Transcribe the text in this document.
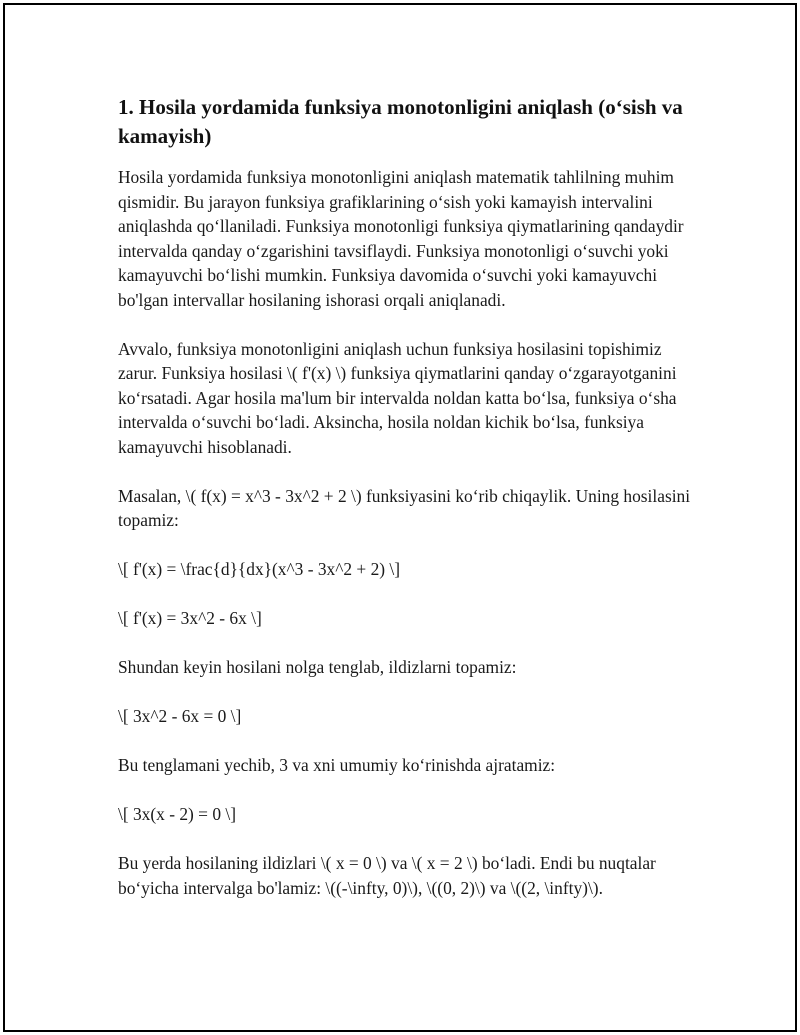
1. Hosila yordamida funksiya monotonligini aniqlash (o‘sish va kamayish)

Hosila yordamida funksiya monotonligini aniqlash matematik tahlilning muhim qismidir. Bu jarayon funksiya grafiklarining o‘sish yoki kamayish intervalini aniqlashda qo‘llaniladi. Funksiya monotonligi funksiya qiymatlarining qandaydir intervalda qanday o‘zgarishini tavsiflaydi. Funksiya monotonligi o‘suvchi yoki kamayuvchi bo‘lishi mumkin. Funksiya davomida o‘suvchi yoki kamayuvchi bo'lgan intervallar hosilaning ishorasi orqali aniqlanadi.

Avvalo, funksiya monotonligini aniqlash uchun funksiya hosilasini topishimiz zarur. Funksiya hosilasi \( f'(x) \) funksiya qiymatlarini qanday o‘zgarayotganini ko‘rsatadi. Agar hosila ma'lum bir intervalda noldan katta bo‘lsa, funksiya o‘sha intervalda o‘suvchi bo‘ladi. Aksincha, hosila noldan kichik bo‘lsa, funksiya kamayuvchi hisoblanadi.

Masalan, \( f(x) = x^3 - 3x^2 + 2 \) funksiyasini ko‘rib chiqaylik. Uning hosilasini topamiz:

\[ f'(x) = \frac{d}{dx}(x^3 - 3x^2 + 2) \]

\[ f'(x) = 3x^2 - 6x \]

Shundan keyin hosilani nolga tenglab, ildizlarni topamiz:

\[ 3x^2 - 6x = 0 \]

Bu tenglamani yechib, 3 va xni umumiy ko‘rinishda ajratamiz:

\[ 3x(x - 2) = 0 \]

Bu yerda hosilaning ildizlari \( x = 0 \) va \( x = 2 \) bo‘ladi. Endi bu nuqtalar bo‘yicha intervalga bo'lamiz: \((-\infty, 0)\), \((0, 2)\) va \((2, \infty)\).
